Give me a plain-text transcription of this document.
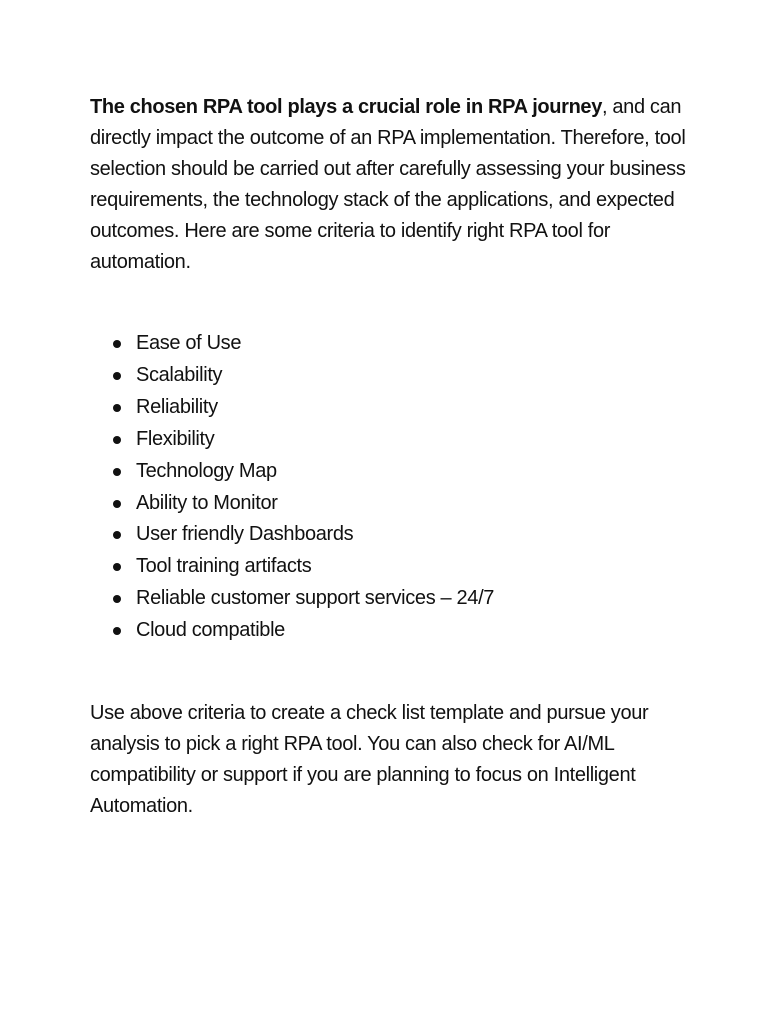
The chosen RPA tool plays a crucial role in RPA journey, and can directly impact the outcome of an RPA implementation. Therefore, tool selection should be carried out after carefully assessing your business requirements, the technology stack of the applications, and expected outcomes. Here are some criteria to identify right RPA tool for automation.

Ease of Use
Scalability
Reliability
Flexibility
Technology Map
Ability to Monitor
User friendly Dashboards
Tool training artifacts
Reliable customer support services – 24/7
Cloud compatible

Use above criteria to create a check list template and pursue your analysis to pick a right RPA tool. You can also check for AI/ML compatibility or support if you are planning to focus on Intelligent Automation.
